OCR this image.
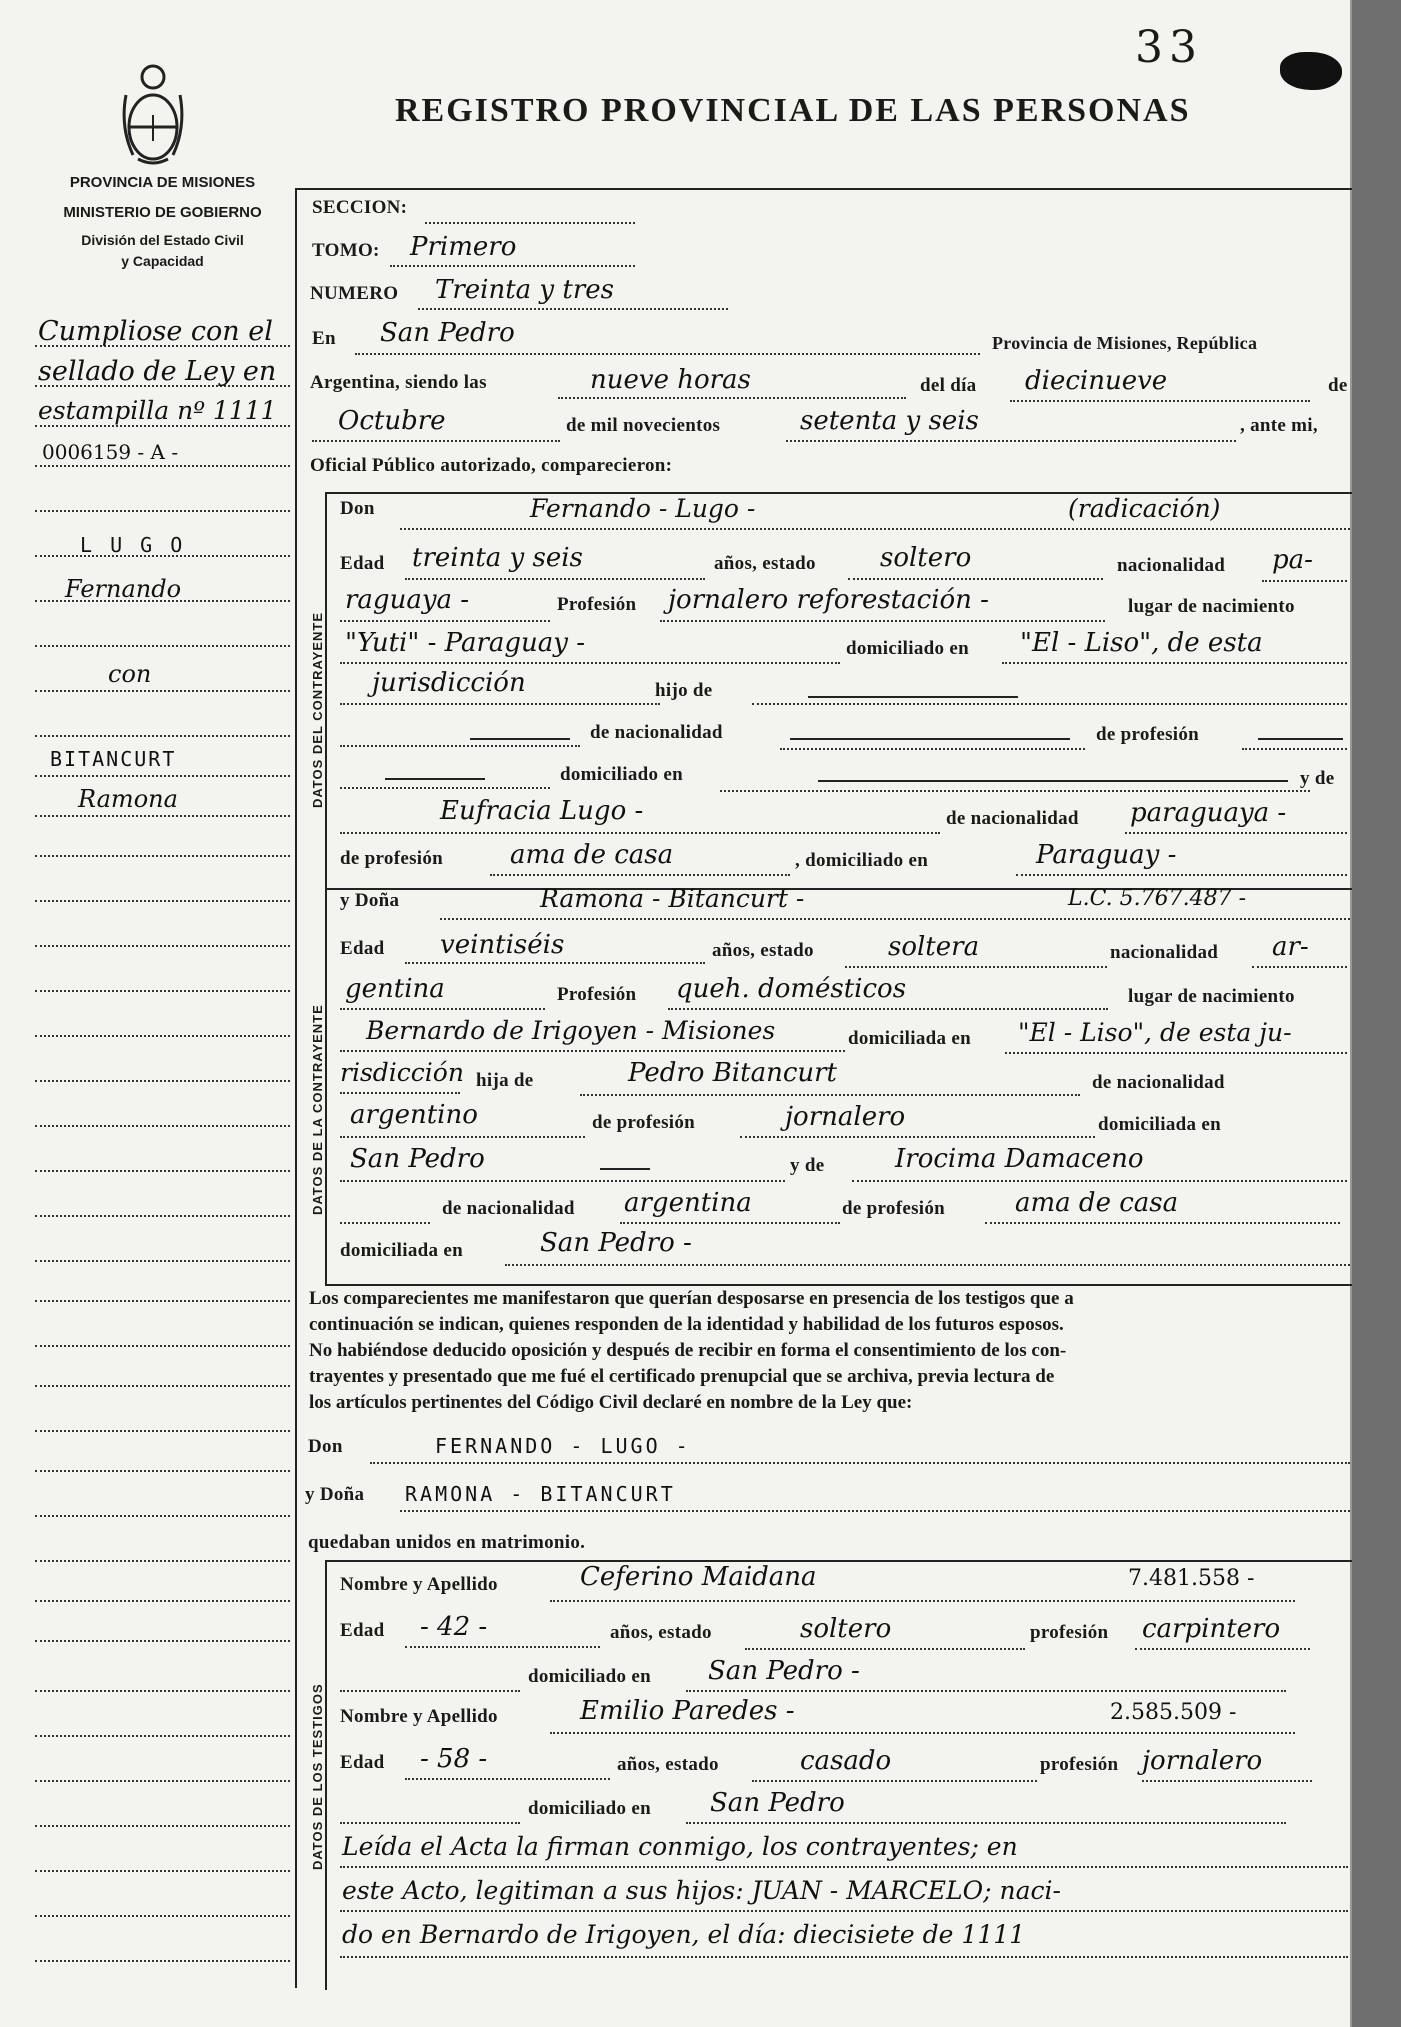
33
REGISTRO PROVINCIAL DE LAS PERSONAS
PROVINCIA DE MISIONES
MINISTERIO DE GOBIERNO
División del Estado Civil
y Capacidad
Cumpliose con el
sellado de Ley en
estampilla nº 1111
0006159 - A -
L U G O
Fernando
con
BITANCURT
Ramona
SECCION:
TOMO: Primero
NUMERO Treinta y tres
En San Pedro	Provincia de Misiones, República
Argentina, siendo las	nueve horas	del día diecinueve	de
Octubre	de mil novecientos	setenta y seis	, ante mi,
Oficial Público autorizado, comparecieron:
DATOS DEL CONTRAYENTE
Don	Fernando - Lugo -	(radicación)
Edad treinta y seis	años, estado soltero	nacionalidad pa-
raguaya -	Profesión jornalero reforestación -	lugar de nacimiento
"Yuti" - Paraguay -	domiciliado en "El - Liso", de esta
jurisdicción	hijo de
de nacionalidad	de profesión
domiciliado en	y de
Eufracia Lugo -	de nacionalidad paraguaya -
de profesión	ama de casa	, domiciliado en	Paraguay -
DATOS DE LA CONTRAYENTE
y Doña	Ramona - Bitancurt -	L.C. 5.767.487 -
Edad veintiséis	años, estado	soltera	nacionalidad ar-
gentina	Profesión queh. domésticos	lugar de nacimiento
Bernardo de Irigoyen - Misiones	domiciliada en "El - Liso", de esta ju-
risdicción hija de	Pedro Bitancurt	de nacionalidad
argentino	de profesión	jornalero	domiciliada en
San Pedro	y de	Irocima Damaceno
de nacionalidad argentina	de profesión	ama de casa
domiciliada en	San Pedro -
Los comparecientes me manifestaron que querían desposarse en presencia de los testigos que a
continuación se indican, quienes responden de la identidad y habilidad de los futuros esposos.
No habiéndose deducido oposición y después de recibir en forma el consentimiento de los con-
trayentes y presentado que me fué el certificado prenupcial que se archiva, previa lectura de
los artículos pertinentes del Código Civil declaré en nombre de la Ley que:
Don	FERNANDO - LUGO -
y Doña RAMONA - BITANCURT
quedaban unidos en matrimonio.
DATOS DE LOS TESTIGOS
Nombre y Apellido	Ceferino Maidana	7.481.558 -
Edad - 42 -	años, estado	soltero	profesión carpintero
domiciliado en San Pedro -
Nombre y Apellido	Emilio Paredes -	2.585.509 -
Edad - 58 -	años, estado	casado	profesión jornalero
domiciliado en San Pedro
Leída el Acta la firman conmigo, los contrayentes; en
este Acto, legitiman a sus hijos: JUAN - MARCELO; naci-
do en Bernardo de Irigoyen, el día: diecisiete de 1111
